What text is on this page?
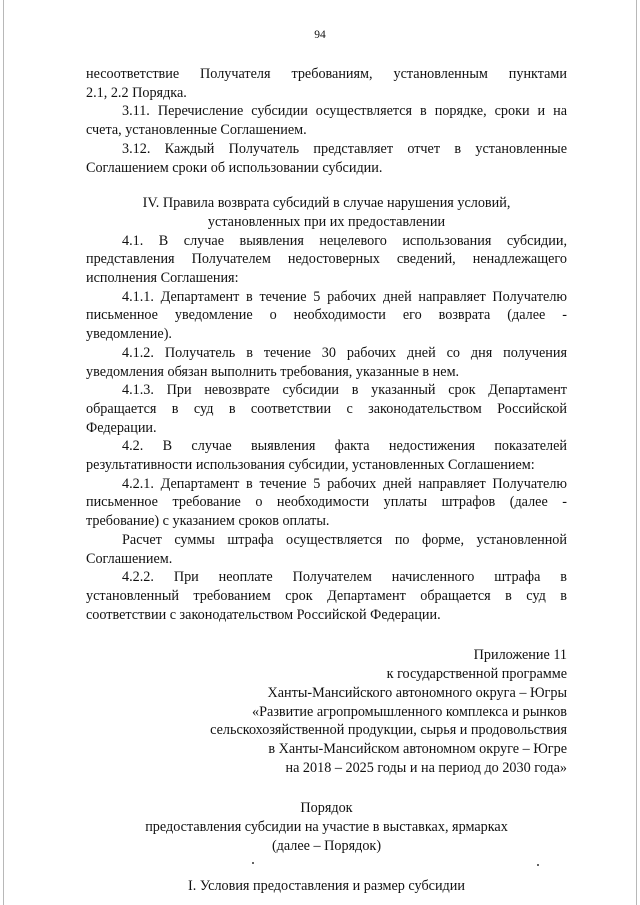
94

несоответствие Получателя требованиям, установленным пунктами

2.1, 2.2 Порядка.

3.11. Перечисление субсидии осуществляется в порядке, сроки и на

счета, установленные Соглашением.

3.12. Каждый Получатель представляет отчет в установленные

Соглашением сроки об использовании субсидии.

IV. Правила возврата субсидий в случае нарушения условий,

установленных при их предоставлении

4.1. В случае выявления нецелевого использования субсидии,

представления Получателем недостоверных сведений, ненадлежащего

исполнения Соглашения:

4.1.1. Департамент в течение 5 рабочих дней направляет Получателю

письменное уведомление о необходимости его возврата (далее -

уведомление).

4.1.2. Получатель в течение 30 рабочих дней со дня получения

уведомления обязан выполнить требования, указанные в нем.

4.1.3. При невозврате субсидии в указанный срок Департамент

обращается в суд в соответствии с законодательством Российской

Федерации.

4.2. В случае выявления факта недостижения показателей

результативности использования субсидии, установленных Соглашением:

4.2.1. Департамент в течение 5 рабочих дней направляет Получателю

письменное требование о необходимости уплаты штрафов (далее -

требование) с указанием сроков оплаты.

Расчет суммы штрафа осуществляется по форме, установленной

Соглашением.

4.2.2. При неоплате Получателем начисленного штрафа в

установленный требованием срок Департамент обращается в суд в

соответствии с законодательством Российской Федерации.

Приложение 11

к государственной программе

Ханты-Мансийского автономного округа – Югры

«Развитие агропромышленного комплекса и рынков

сельскохозяйственной продукции, сырья и продовольствия

в Ханты-Мансийском автономном округе – Югре

на 2018 – 2025 годы и на период до 2030 года»

Порядок

предоставления субсидии на участие в выставках, ярмарках

(далее – Порядок)

I. Условия предоставления и размер субсидии
